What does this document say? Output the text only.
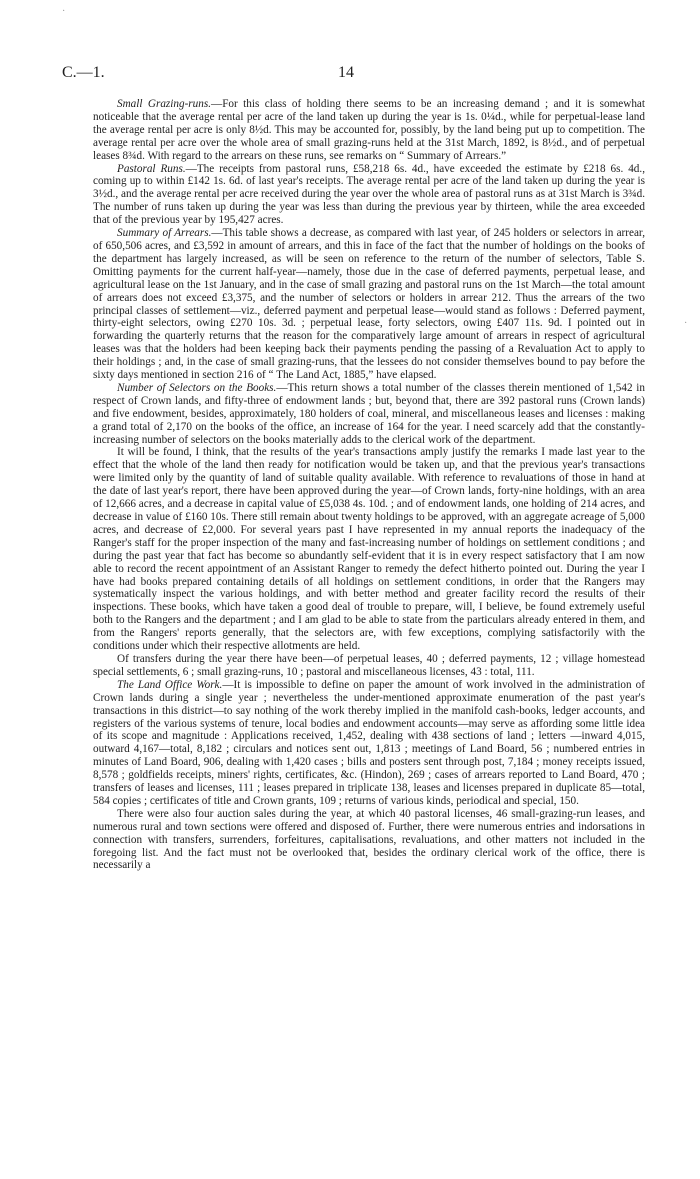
C.—1.	14
·
·

Small Grazing-runs.—For this class of holding there seems to be an increasing demand ; and it is somewhat noticeable that the average rental per acre of the land taken up during the year is 1s. 0¼d., while for perpetual-lease land the average rental per acre is only 8½d. This may be accounted for, possibly, by the land being put up to competition. The average rental per acre over the whole area of small grazing-runs held at the 31st March, 1892, is 8½d., and of perpetual leases 8¾d. With regard to the arrears on these runs, see remarks on “ Summary of Arrears.”

Pastoral Runs.—The receipts from pastoral runs, £58,218 6s. 4d., have exceeded the estimate by £218 6s. 4d., coming up to within £142 1s. 6d. of last year's receipts. The average rental per acre of the land taken up during the year is 3½d., and the average rental per acre received during the year over the whole area of pastoral runs as at 31st March is 3¾d. The number of runs taken up during the year was less than during the previous year by thirteen, while the area exceeded that of the previous year by 195,427 acres.

Summary of Arrears.—This table shows a decrease, as compared with last year, of 245 holders or selectors in arrear, of 650,506 acres, and £3,592 in amount of arrears, and this in face of the fact that the number of holdings on the books of the department has largely increased, as will be seen on reference to the return of the number of selectors, Table S. Omitting payments for the current half-year—namely, those due in the case of deferred payments, perpetual lease, and agricultural lease on the 1st January, and in the case of small grazing and pastoral runs on the 1st March—the total amount of arrears does not exceed £3,375, and the number of selectors or holders in arrear 212. Thus the arrears of the two principal classes of settlement—viz., deferred payment and perpetual lease—would stand as follows : Deferred payment, thirty-eight selectors, owing £270 10s. 3d. ; perpetual lease, forty selectors, owing £407 11s. 9d. I pointed out in forwarding the quarterly returns that the reason for the comparatively large amount of arrears in respect of agricultural leases was that the holders had been keeping back their payments pending the passing of a Revaluation Act to apply to their holdings ; and, in the case of small grazing-runs, that the lessees do not consider themselves bound to pay before the sixty days mentioned in section 216 of “ The Land Act, 1885,” have elapsed.

Number of Selectors on the Books.—This return shows a total number of the classes therein mentioned of 1,542 in respect of Crown lands, and fifty-three of endowment lands ; but, beyond that, there are 392 pastoral runs (Crown lands) and five endowment, besides, approximately, 180 holders of coal, mineral, and miscellaneous leases and licenses : making a grand total of 2,170 on the books of the office, an increase of 164 for the year. I need scarcely add that the constantly-increasing number of selectors on the books materially adds to the clerical work of the department.

It will be found, I think, that the results of the year's transactions amply justify the remarks I made last year to the effect that the whole of the land then ready for notification would be taken up, and that the previous year's transactions were limited only by the quantity of land of suitable quality available. With reference to revaluations of those in hand at the date of last year's report, there have been approved during the year—of Crown lands, forty-nine holdings, with an area of 12,666 acres, and a decrease in capital value of £5,038 4s. 10d. ; and of endowment lands, one holding of 214 acres, and decrease in value of £160 10s. There still remain about twenty holdings to be approved, with an aggregate acreage of 5,000 acres, and decrease of £2,000. For several years past I have represented in my annual reports the inadequacy of the Ranger's staff for the proper inspection of the many and fast-increasing number of holdings on settlement conditions ; and during the past year that fact has become so abundantly self-evident that it is in every respect satisfactory that I am now able to record the recent appointment of an Assistant Ranger to remedy the defect hitherto pointed out. During the year I have had books prepared containing details of all holdings on settlement conditions, in order that the Rangers may systematically inspect the various holdings, and with better method and greater facility record the results of their inspections. These books, which have taken a good deal of trouble to prepare, will, I believe, be found extremely useful both to the Rangers and the department ; and I am glad to be able to state from the particulars already entered in them, and from the Rangers' reports generally, that the selectors are, with few exceptions, complying satisfactorily with the conditions under which their respective allotments are held.

Of transfers during the year there have been—of perpetual leases, 40 ; deferred payments, 12 ; village homestead special settlements, 6 ; small grazing-runs, 10 ; pastoral and miscellaneous licenses, 43 : total, 111.

The Land Office Work.—It is impossible to define on paper the amount of work involved in the administration of Crown lands during a single year ; nevertheless the under-mentioned approximate enumeration of the past year's transactions in this district—to say nothing of the work thereby implied in the manifold cash-books, ledger accounts, and registers of the various systems of tenure, local bodies and endowment accounts—may serve as affording some little idea of its scope and magnitude : Applications received, 1,452, dealing with 438 sections of land ; letters —inward 4,015, outward 4,167—total, 8,182 ; circulars and notices sent out, 1,813 ; meetings of Land Board, 56 ; numbered entries in minutes of Land Board, 906, dealing with 1,420 cases ; bills and posters sent through post, 7,184 ; money receipts issued, 8,578 ; goldfields receipts, miners' rights, certificates, &c. (Hindon), 269 ; cases of arrears reported to Land Board, 470 ; transfers of leases and licenses, 111 ; leases prepared in triplicate 138, leases and licenses prepared in duplicate 85—total, 584 copies ; certificates of title and Crown grants, 109 ; returns of various kinds, periodical and special, 150.

There were also four auction sales during the year, at which 40 pastoral licenses, 46 small-grazing-run leases, and numerous rural and town sections were offered and disposed of. Further, there were numerous entries and indorsations in connection with transfers, surrenders, forfeitures, capitalisations, revaluations, and other matters not included in the foregoing list. And the fact must not be overlooked that, besides the ordinary clerical work of the office, there is necessarily a
